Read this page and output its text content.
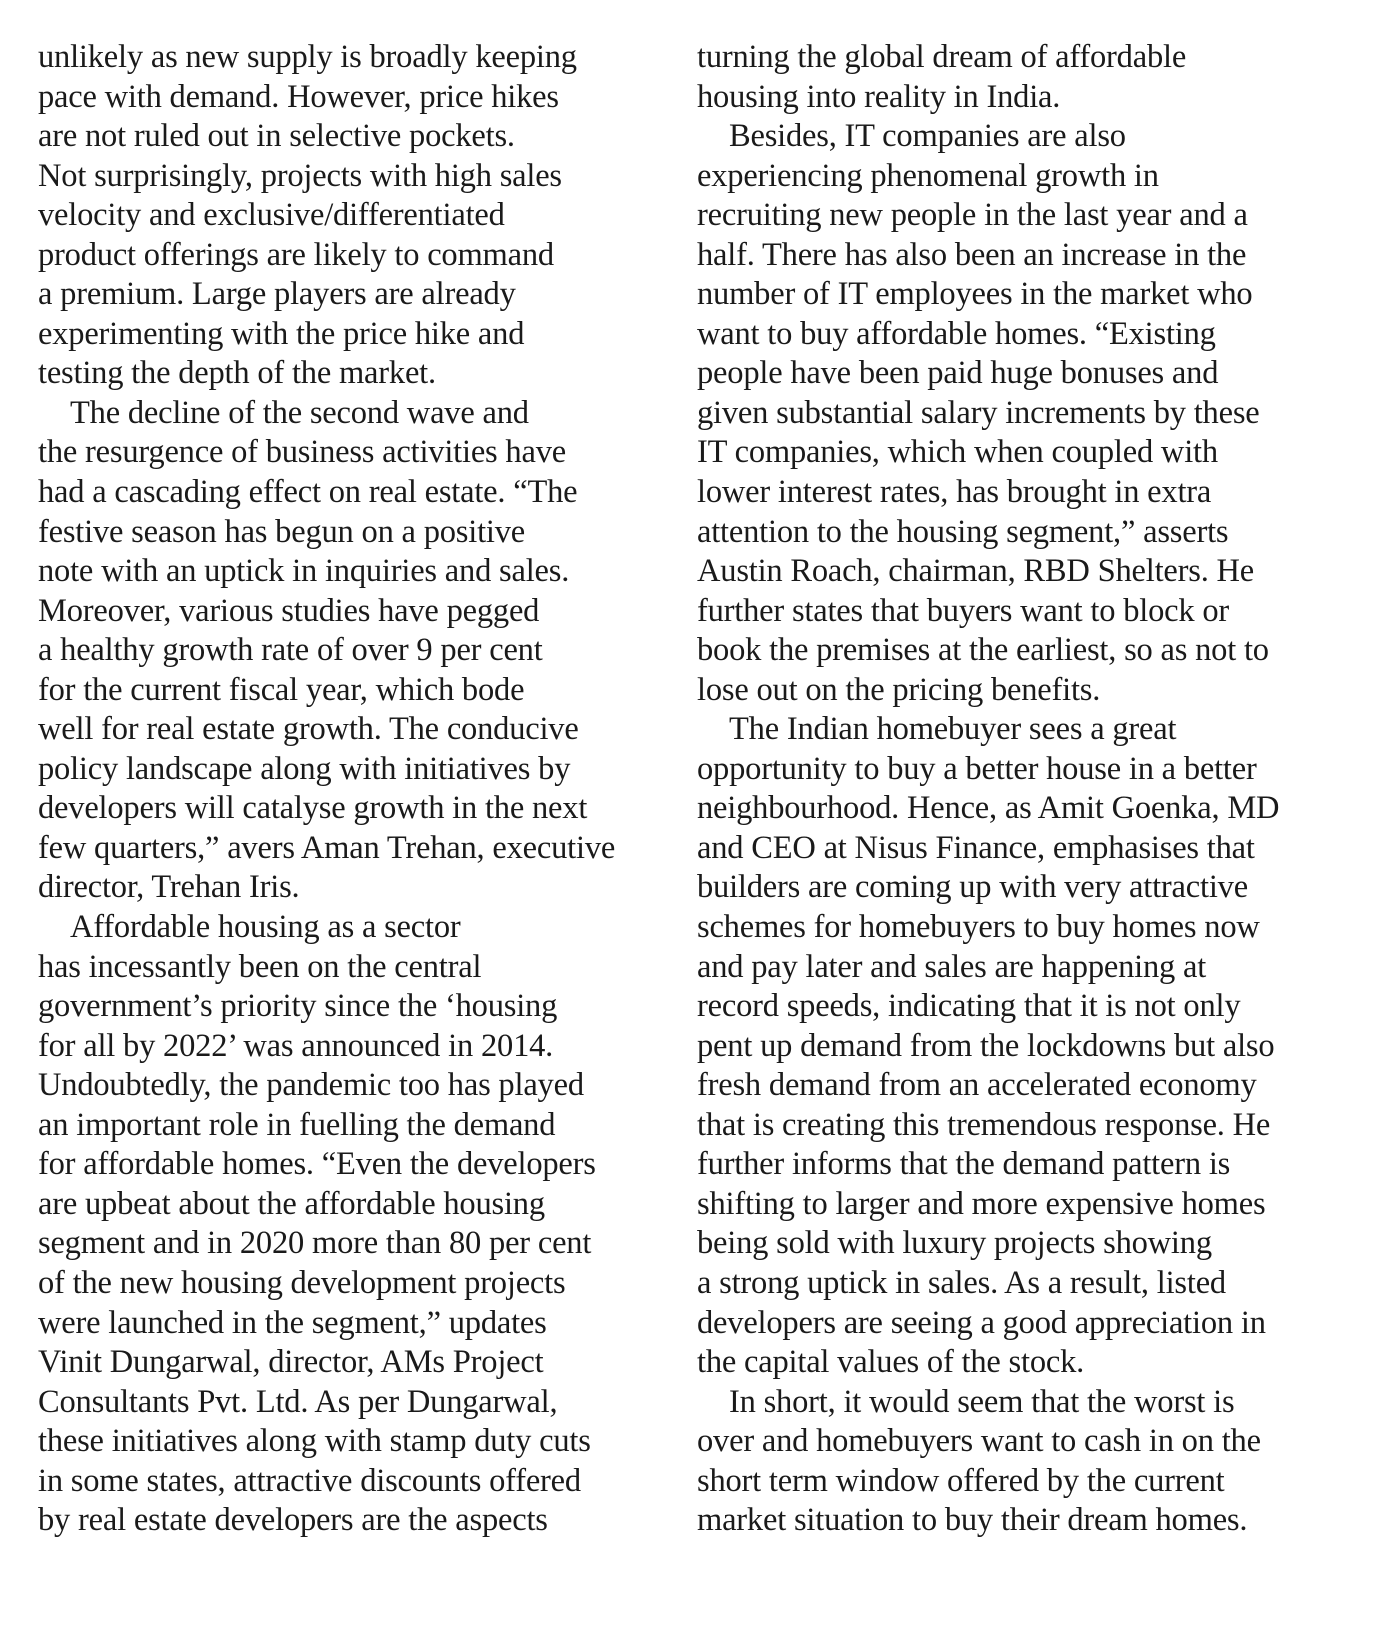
unlikely as new supply is broadly keeping
pace with demand. However, price hikes
are not ruled out in selective pockets.
Not surprisingly, projects with high sales
velocity and exclusive/differentiated
product offerings are likely to command
a premium. Large players are already
experimenting with the price hike and
testing the depth of the market.
The decline of the second wave and
the resurgence of business activities have
had a cascading effect on real estate. “The
festive season has begun on a positive
note with an uptick in inquiries and sales.
Moreover, various studies have pegged
a healthy growth rate of over 9 per cent
for the current fiscal year, which bode
well for real estate growth. The conducive
policy landscape along with initiatives by
developers will catalyse growth in the next
few quarters,” avers Aman Trehan, executive
director, Trehan Iris.
Affordable housing as a sector
has incessantly been on the central
government’s priority since the ‘housing
for all by 2022’ was announced in 2014.
Undoubtedly, the pandemic too has played
an important role in fuelling the demand
for affordable homes. “Even the developers
are upbeat about the affordable housing
segment and in 2020 more than 80 per cent
of the new housing development projects
were launched in the segment,” updates
Vinit Dungarwal, director, AMs Project
Consultants Pvt. Ltd. As per Dungarwal,
these initiatives along with stamp duty cuts
in some states, attractive discounts offered
by real estate developers are the aspects
turning the global dream of affordable
housing into reality in India.
Besides, IT companies are also
experiencing phenomenal growth in
recruiting new people in the last year and a
half. There has also been an increase in the
number of IT employees in the market who
want to buy affordable homes. “Existing
people have been paid huge bonuses and
given substantial salary increments by these
IT companies, which when coupled with
lower interest rates, has brought in extra
attention to the housing segment,” asserts
Austin Roach, chairman, RBD Shelters. He
further states that buyers want to block or
book the premises at the earliest, so as not to
lose out on the pricing benefits.
The Indian homebuyer sees a great
opportunity to buy a better house in a better
neighbourhood. Hence, as Amit Goenka, MD
and CEO at Nisus Finance, emphasises that
builders are coming up with very attractive
schemes for homebuyers to buy homes now
and pay later and sales are happening at
record speeds, indicating that it is not only
pent up demand from the lockdowns but also
fresh demand from an accelerated economy
that is creating this tremendous response. He
further informs that the demand pattern is
shifting to larger and more expensive homes
being sold with luxury projects showing
a strong uptick in sales. As a result, listed
developers are seeing a good appreciation in
the capital values of the stock.
In short, it would seem that the worst is
over and homebuyers want to cash in on the
short term window offered by the current
market situation to buy their dream homes.
